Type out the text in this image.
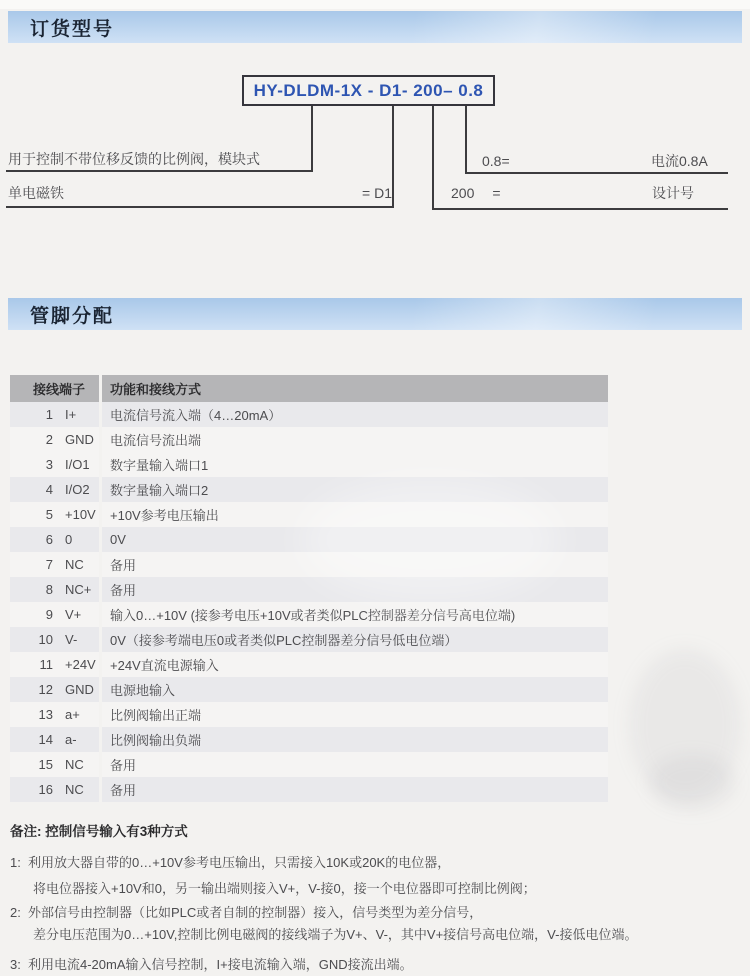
订货型号
HY-DLDM-1X - D1- 200– 0.8
用于控制不带位移反馈的比例阀，模块式
单电磁铁	= D1
0.8=	电流0.8A
200 =	设计号
管脚分配
接线端子	功能和接线方式
1 I+	电流信号流入端（4…20mA）
2 GND	电流信号流出端
3 I/O1	数字量输入端口1
4 I/O2	数字量输入端口2
5 +10V	+10V参考电压输出
6 0	0V
7 NC	备用
8 NC+	备用
9 V+	输入0…+10V (接参考电压+10V或者类似PLC控制器差分信号高电位端)
10 V-	0V（接参考端电压0或者类似PLC控制器差分信号低电位端）
11 +24V	+24V直流电源输入
12 GND	电源地输入
13 a+	比例阀输出正端
14 a-	比例阀输出负端
15 NC	备用
16 NC	备用
备注: 控制信号输入有3种方式
1: 利用放大器自带的0…+10V参考电压输出，只需接入10K或20K的电位器，
将电位器接入+10V和0，另一输出端则接入V+，V-接0，接一个电位器即可控制比例阀；
2: 外部信号由控制器（比如PLC或者自制的控制器）接入，信号类型为差分信号，
差分电压范围为0…+10V,控制比例电磁阀的接线端子为V+、V-，其中V+接信号高电位端，V-接低电位端。
3: 利用电流4-20mA输入信号控制，I+接电流输入端，GND接流出端。
